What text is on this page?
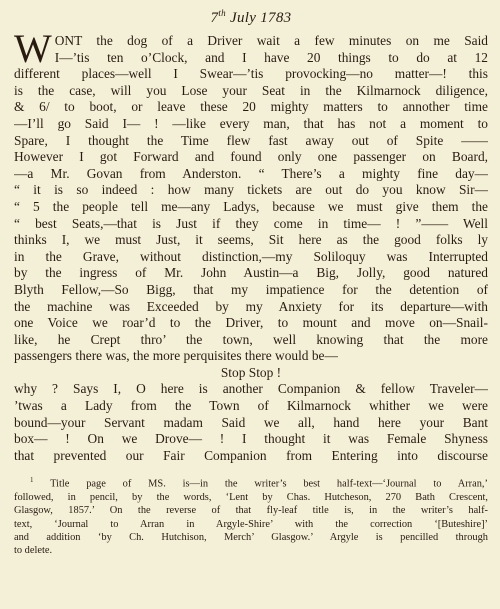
7th July 1783
W ONT the dog of a Driver wait a few minutes on me Said
I—’tis ten o’Clock, and I have 20 things to do at 12
different places—well I Swear—’tis provocking—no matter—! this
is the case, will you Lose your Seat in the Kilmarnock diligence,
& 6/ to boot, or leave these 20 mighty matters to annother time
—I’ll go Said I— ! —like every man, that has not a moment to
Spare, I thought the Time flew fast away out of Spite ——
However I got Forward and found only one passenger on Board,
—a Mr. Govan from Anderston. “ There’s a mighty fine day—
“ it is so indeed : how many tickets are out do you know Sir—
“ 5 the people tell me—any Ladys, because we must give them the
“ best Seats,—that is Just if they come in time— ! ”—— Well
thinks I, we must Just, it seems, Sit here as the good folks ly
in the Grave, without distinction,—my Soliloquy was Interrupted
by the ingress of Mr. John Austin—a Big, Jolly, good natured
Blyth Fellow,—So Bigg, that my impatience for the detention of
the machine was Exceeded by my Anxiety for its departure—with
one Voice we roar’d to the Driver, to mount and move on—Snail-
like, he Crept thro’ the town, well knowing that the more
passengers there was, the more perquisites there would be—
Stop Stop !
why ? Says I, O here is another Companion & fellow Traveler—
’twas a Lady from the Town of Kilmarnock whither we were
bound—your Servant madam Said we all, hand here your Bant
box— ! On we Drove— ! I thought it was Female Shyness
that prevented our Fair Companion from Entering into discourse
$^1$ Title page of MS. is—in the writer’s best half-text—‘Journal to Arran,’
followed, in pencil, by the words, ‘Lent by Chas. Hutcheson, 270 Bath Crescent,
Glasgow, 1857.’ On the reverse of that fly-leaf title is, in the writer’s half-
text, ‘Journal to Arran in Argyle-Shire’ with the correction ‘[Buteshire]’
and addition ‘by Ch. Hutchison, Merch’ Glasgow.’ Argyle is pencilled through
to delete.
